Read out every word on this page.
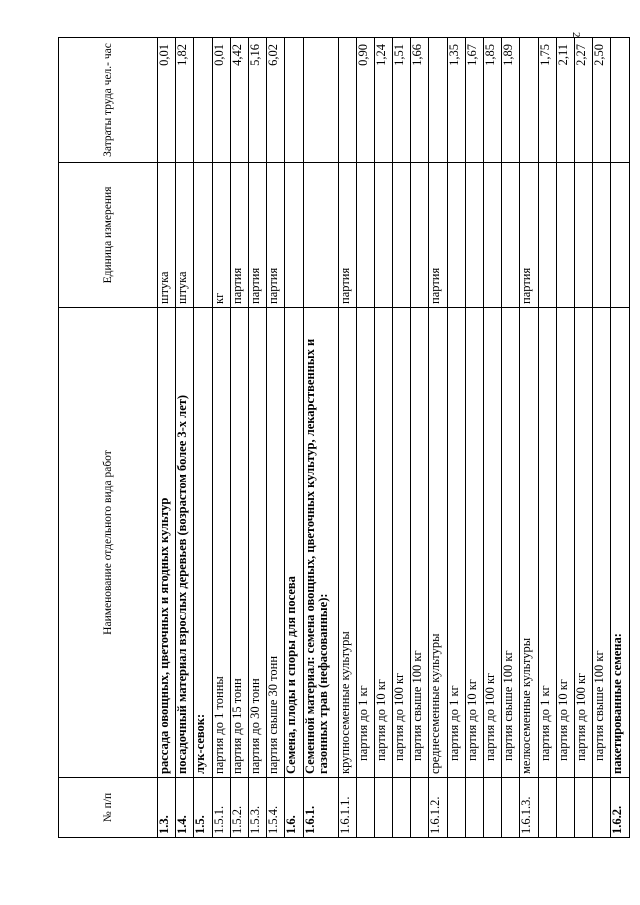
2
№ п/п	Наименование отдельного вида работ	Единица измерения	Затраты труда чел.- час
1.3.	рассада овощных, цветочных и ягодных культур	штука	0,01
1.4.	посадочный материал взрослых деревьев (возрастом более 3-х лет)	штука	1,82
1.5.	лук-севок:		
1.5.1.	партия до 1 тонны	кг	0,01
1.5.2.	партия до 15 тонн	партия	4,42
1.5.3.	партия до 30 тонн	партия	5,16
1.5.4.	партия свыше 30 тонн	партия	6,02
1.6.	Семена, плоды и споры для посева		
1.6.1.	Семенной материал: семена овощных, цветочных культур, лекарственных и газонных трав (нефасованные):		
1.6.1.1.	крупносеменные культуры	партия	
	партия до 1 кг		0,90
	партия до 10 кг		1,24
	партия до 100 кг		1,51
	партия свыше 100 кг		1,66
1.6.1.2.	среднесеменные культуры	партия	
	партия до 1 кг		1,35
	партия до 10 кг		1,67
	партия до 100 кг		1,85
	партия свыше 100 кг		1,89
1.6.1.3.	мелкосеменные культуры	партия	
	партия до 1 кг		1,75
	партия до 10 кг		2,11
	партия до 100 кг		2,27
	партия свыше 100 кг		2,50
1.6.2.	пакетированные семена:		
